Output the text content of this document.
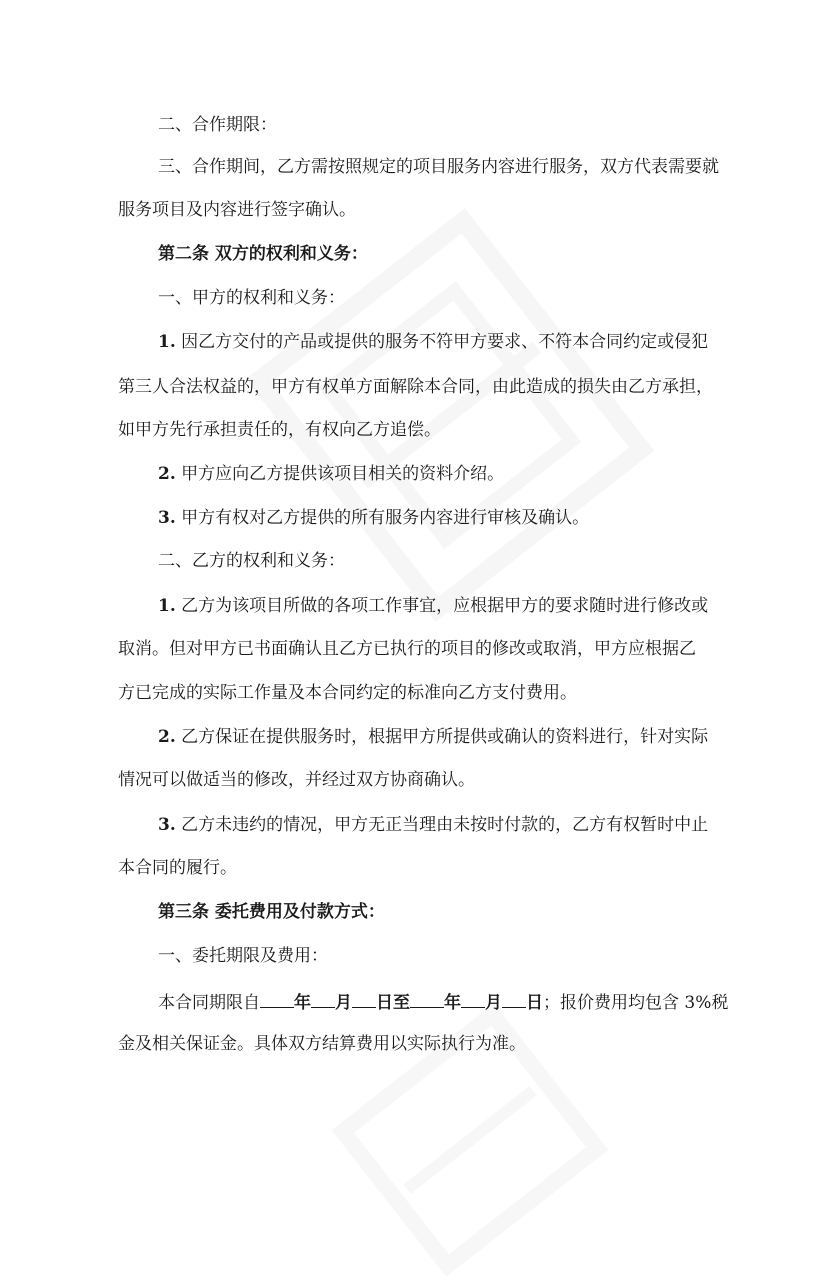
二、合作期限：
三、合作期间，乙方需按照规定的项目服务内容进行服务，双方代表需要就
服务项目及内容进行签字确认。
第二条 双方的权利和义务：
一、甲方的权利和义务：
1. 因乙方交付的产品或提供的服务不符甲方要求、不符本合同约定或侵犯
第三人合法权益的，甲方有权单方面解除本合同，由此造成的损失由乙方承担，
如甲方先行承担责任的，有权向乙方追偿。
2. 甲方应向乙方提供该项目相关的资料介绍。
3. 甲方有权对乙方提供的所有服务内容进行审核及确认。
二、乙方的权利和义务：
1. 乙方为该项目所做的各项工作事宜，应根据甲方的要求随时进行修改或
取消。但对甲方已书面确认且乙方已执行的项目的修改或取消，甲方应根据乙
方已完成的实际工作量及本合同约定的标准向乙方支付费用。
2. 乙方保证在提供服务时，根据甲方所提供或确认的资料进行，针对实际
情况可以做适当的修改，并经过双方协商确认。
3. 乙方未违约的情况，甲方无正当理由未按时付款的，乙方有权暂时中止
本合同的履行。
第三条 委托费用及付款方式：
一、委托期限及费用：
本合同期限自 年 月 日至 年 月 日；报价费用均包含 3%税
金及相关保证金。具体双方结算费用以实际执行为准。
